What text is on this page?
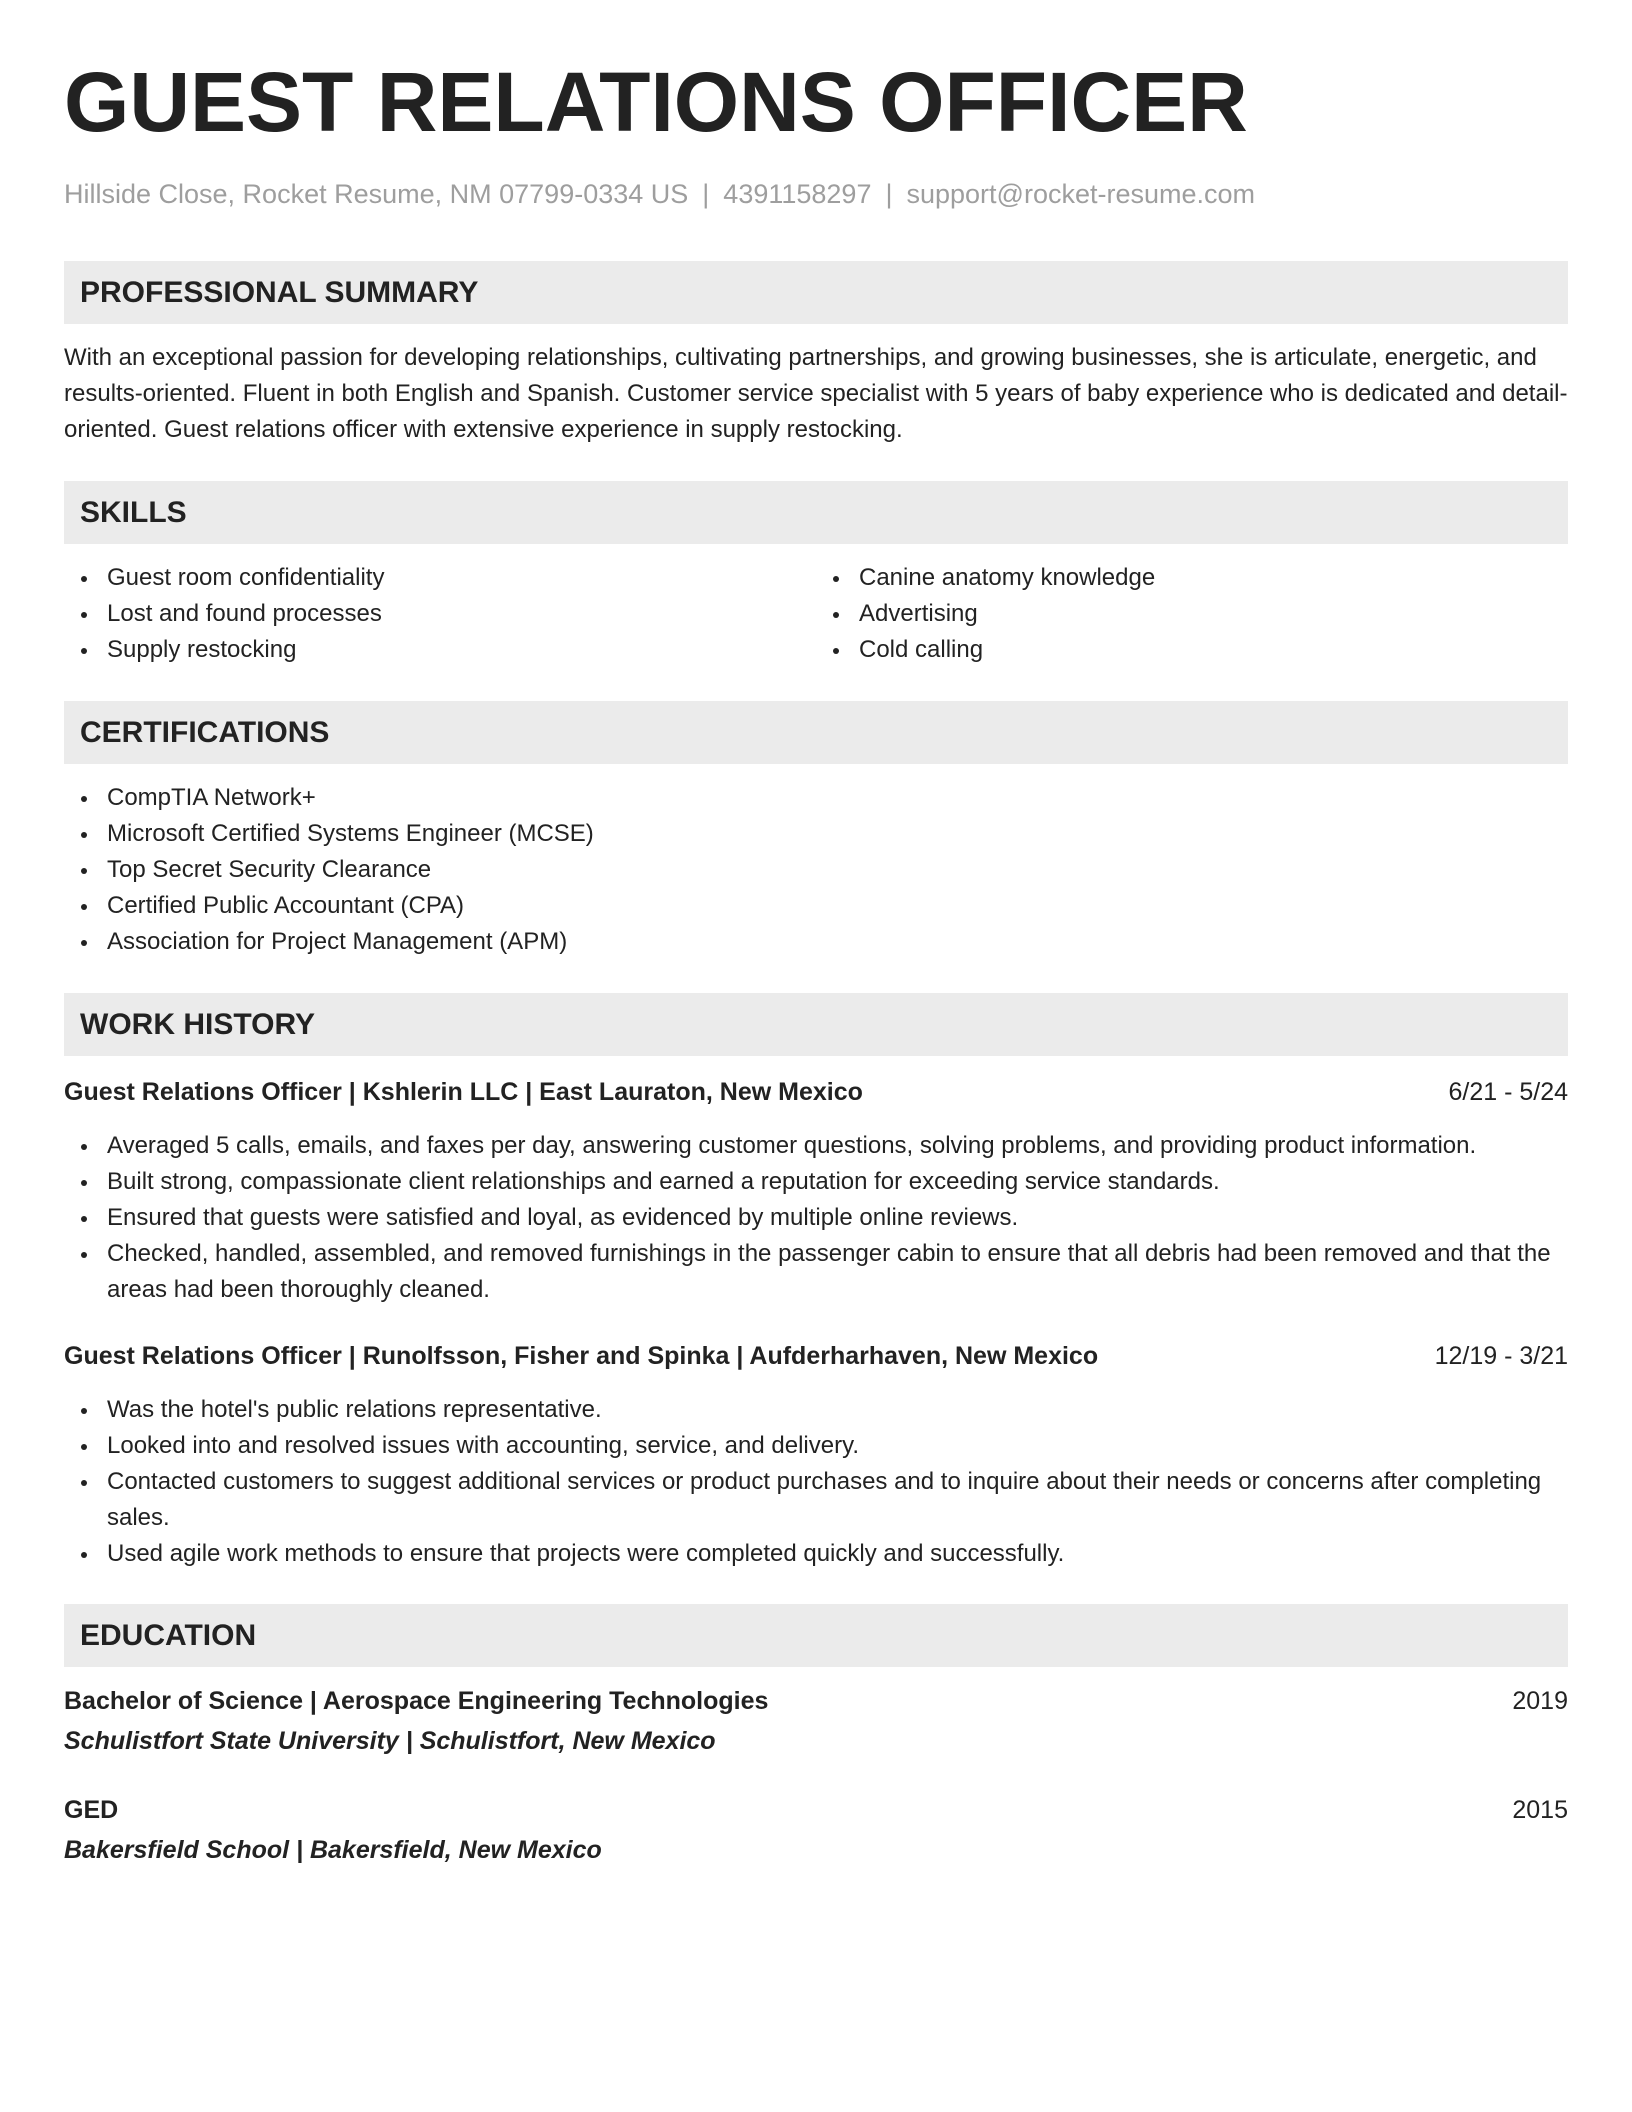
GUEST RELATIONS OFFICER
Hillside Close, Rocket Resume, NM 07799-0334 US | 4391158297 | support@rocket-resume.com
PROFESSIONAL SUMMARY
With an exceptional passion for developing relationships, cultivating partnerships, and growing businesses, she is articulate, energetic, and results-oriented. Fluent in both English and Spanish. Customer service specialist with 5 years of baby experience who is dedicated and detail-oriented. Guest relations officer with extensive experience in supply restocking.
SKILLS
Guest room confidentiality
Lost and found processes
Supply restocking
Canine anatomy knowledge
Advertising
Cold calling
CERTIFICATIONS
CompTIA Network+
Microsoft Certified Systems Engineer (MCSE)
Top Secret Security Clearance
Certified Public Accountant (CPA)
Association for Project Management (APM)
WORK HISTORY
Guest Relations Officer | Kshlerin LLC | East Lauraton, New Mexico	6/21 - 5/24
Averaged 5 calls, emails, and faxes per day, answering customer questions, solving problems, and providing product information.
Built strong, compassionate client relationships and earned a reputation for exceeding service standards.
Ensured that guests were satisfied and loyal, as evidenced by multiple online reviews.
Checked, handled, assembled, and removed furnishings in the passenger cabin to ensure that all debris had been removed and that the areas had been thoroughly cleaned.
Guest Relations Officer | Runolfsson, Fisher and Spinka | Aufderharhaven, New Mexico	12/19 - 3/21
Was the hotel's public relations representative.
Looked into and resolved issues with accounting, service, and delivery.
Contacted customers to suggest additional services or product purchases and to inquire about their needs or concerns after completing sales.
Used agile work methods to ensure that projects were completed quickly and successfully.
EDUCATION
Bachelor of Science | Aerospace Engineering Technologies	2019
Schulistfort State University | Schulistfort, New Mexico
GED	2015
Bakersfield School | Bakersfield, New Mexico
